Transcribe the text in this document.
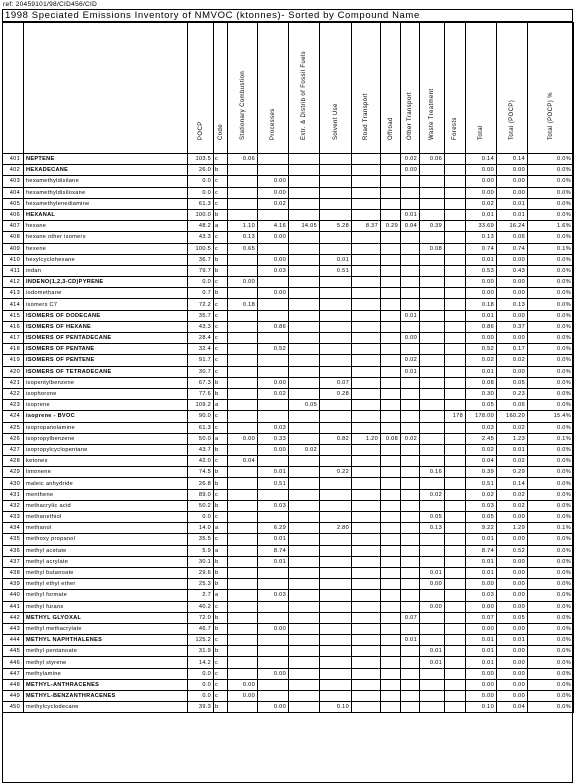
ref: 20459101/98/CID456/CID
1998 Speciated Emissions Inventory of NMVOC (ktonnes)- Sorted by Compound Name

		POCP	Code	Stationary Combustion	Processes	Extr. & Distrib of Fossil Fuels	Solvent Use	Road Transport	Offroad	Other Transport	Waste Treatment	Forests	Total	Total (POCP)	Total (POCP) %

401	NEPTENE	103.5	c	0.06						0.02	0.06		0.14	0.14	0.0%
402	HEXADECANE	26.0	b							0.00			0.00	0.00	0.0%
403	hexamethyldisilane	0.0	c		0.00								0.00	0.00	0.0%
404	hexamethyldisiloxane	0.0	c		0.00								0.00	0.00	0.0%
405	hexamethylenediamine	61.3	c		0.02								0.02	0.01	0.0%
406	HEXANAL	100.0	b							0.01			0.01	0.01	0.0%
407	hexane	48.2	a	1.10	4.16	14.05	5.28	8.37	0.29	0.04	0.39		33.69	16.24	1.6%
408	hexane other isomers	43.3	c	0.13	0.00								0.13	0.06	0.0%
409	hexene	100.5	c	0.65							0.08		0.74	0.74	0.1%
410	hexylcyclohexane	36.7	b		0.00		0.01						0.01	0.00	0.0%
411	indan	79.7	b		0.03		0.51						0.53	0.43	0.0%
412	INDENO(1,2,3-CD)PYRENE	0.0	c	0.00									0.00	0.00	0.0%
413	iodomethane	0.7	b		0.00								0.00	0.00	0.0%
414	isomers C7	72.2	c	0.18									0.18	0.13	0.0%
415	ISOMERS OF DODECANE	35.7	c							0.01			0.01	0.00	0.0%
416	ISOMERS OF HEXANE	43.3	c		0.86								0.86	0.37	0.0%
417	ISOMERS OF PENTADECANE	28.4	c							0.00			0.00	0.00	0.0%
418	ISOMERS OF PENTANE	32.4	c		0.52								0.52	0.17	0.0%
419	ISOMERS OF PENTENE	91.7	c							0.02			0.02	0.02	0.0%
420	ISOMERS OF TETRADECANE	30.7	c							0.01			0.01	0.00	0.0%
421	isopentylbenzene	67.3	b		0.00		0.07						0.08	0.05	0.0%
422	isophorone	77.6	b		0.02		0.28						0.30	0.23	0.0%
423	isoprene	109.2	a			0.05							0.05	0.06	0.0%
424	isoprene - BVOC	90.0	c									178	178.00	160.20	15.4%
425	isopropanolamine	61.3	c		0.03								0.03	0.02	0.0%
426	isopropylbenzene	50.0	a	0.00	0.33		0.82	1.20	0.08	0.02			2.45	1.23	0.1%
427	isopropylcyclopentane	43.7	b		0.00	0.02							0.02	0.01	0.0%
428	ketones	42.0	c	0.04									0.04	0.02	0.0%
429	limonene	74.5	b		0.01		0.22				0.16		0.39	0.29	0.0%
430	maleic anhydride	26.8	b		0.51								0.51	0.14	0.0%
431	menthene	89.0	c								0.02		0.02	0.02	0.0%
432	methacrylic acid	50.2	b		0.03								0.03	0.02	0.0%
433	methanethiol	0.0	c								0.05		0.05	0.00	0.0%
434	methanol	14.0	a		6.29		2.80				0.13		9.22	1.29	0.1%
435	methoxy propanol	35.5	c		0.01								0.01	0.00	0.0%
436	methyl acetate	5.9	a		8.74								8.74	0.52	0.0%
437	methyl acrylate	30.1	b		0.01								0.01	0.00	0.0%
438	methyl butanoate	29.6	b								0.01		0.01	0.00	0.0%
439	methyl ethyl ether	25.3	b								0.00		0.00	0.00	0.0%
440	methyl formate	2.7	a		0.03								0.03	0.00	0.0%
441	methyl furans	40.2	c								0.00		0.00	0.00	0.0%
442	METHYL GLYOXAL	72.0	b							0.07			0.07	0.05	0.0%
443	methyl methacrylate	46.7	b		0.00								0.00	0.00	0.0%
444	METHYL NAPHTHALENES	125.2	c							0.01			0.01	0.01	0.0%
445	methyl pentanoate	31.9	b								0.01		0.01	0.00	0.0%
446	methyl styrene	14.2	c								0.01		0.01	0.00	0.0%
447	methylamine	0.0	c		0.00								0.00	0.00	0.0%
448	METHYL-ANTHRACENES	0.0	c	0.00									0.00	0.00	0.0%
449	METHYL-BENZANTHRACENES	0.0	c	0.00									0.00	0.00	0.0%
450	methylcyclodecane	39.3	b		0.00		0.10						0.10	0.04	0.0%
